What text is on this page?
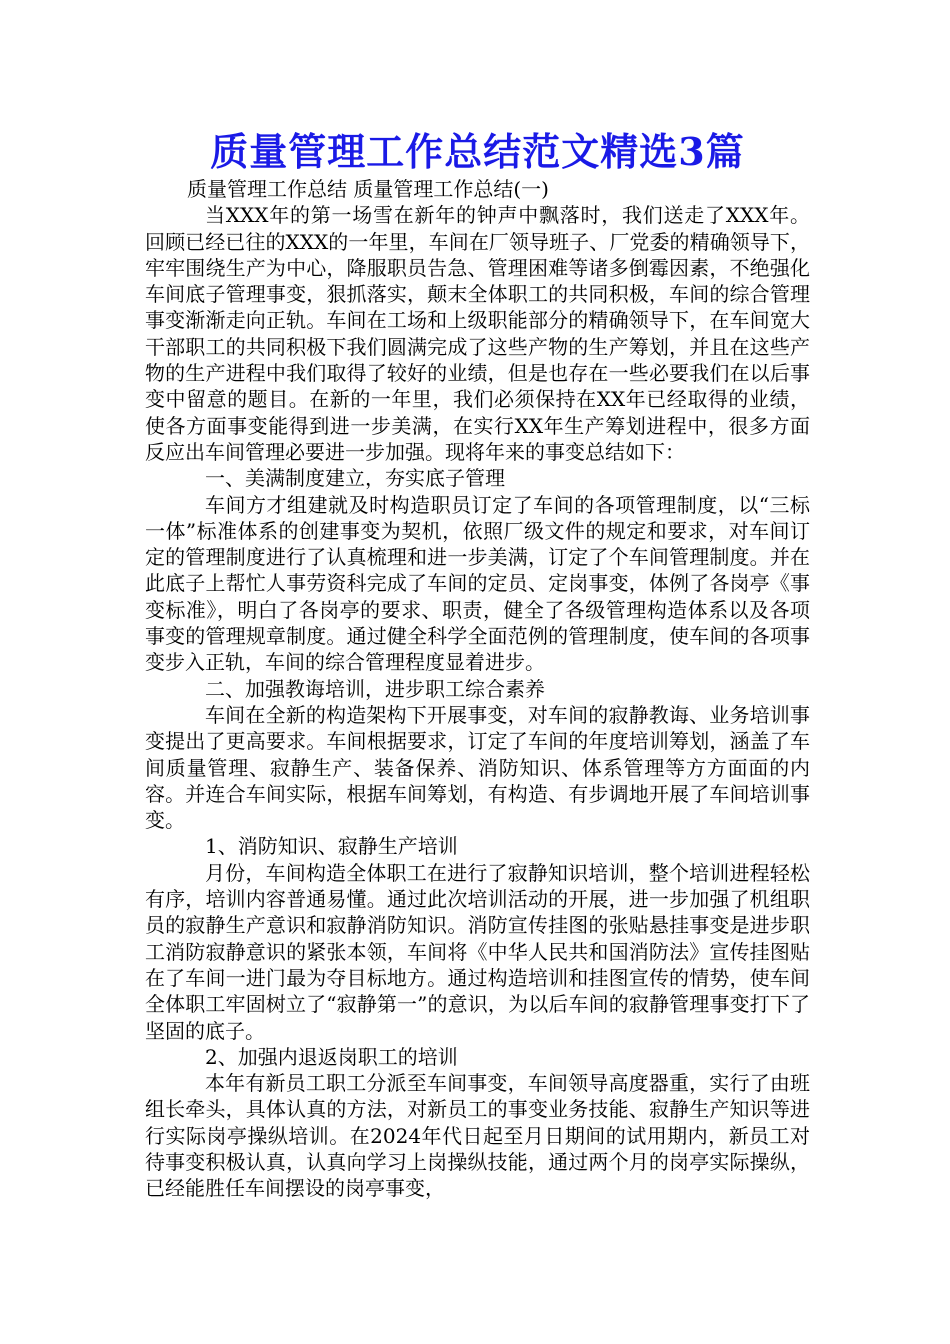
质量管理工作总结范文精选3篇

质量管理工作总结 质量管理工作总结(一)

当XXX年的第一场雪在新年的钟声中飘落时，我们送走了XXX年。回顾已经已往的XXX的一年里，车间在厂领导班子、厂党委的精确领导下，牢牢围绕生产为中心，降服职员告急、管理困难等诸多倒霉因素，不绝强化车间底子管理事变，狠抓落实，颠末全体职工的共同积极，车间的综合管理事变渐渐走向正轨。车间在工场和上级职能部分的精确领导下，在车间宽大干部职工的共同积极下我们圆满完成了这些产物的生产筹划，并且在这些产物的生产进程中我们取得了较好的业绩，但是也存在一些必要我们在以后事变中留意的题目。在新的一年里，我们必须保持在XX年已经取得的业绩，使各方面事变能得到进一步美满，在实行XX年生产筹划进程中，很多方面反应出车间管理必要进一步加强。现将年来的事变总结如下：

一、美满制度建立，夯实底子管理

车间方才组建就及时构造职员订定了车间的各项管理制度，以“三标一体”标准体系的创建事变为契机，依照厂级文件的规定和要求，对车间订定的管理制度进行了认真梳理和进一步美满，订定了个车间管理制度。并在此底子上帮忙人事劳资科完成了车间的定员、定岗事变，体例了各岗亭《事变标准》，明白了各岗亭的要求、职责，健全了各级管理构造体系以及各项事变的管理规章制度。通过健全科学全面范例的管理制度，使车间的各项事变步入正轨，车间的综合管理程度显着进步。

二、加强教诲培训，进步职工综合素养

车间在全新的构造架构下开展事变，对车间的寂静教诲、业务培训事变提出了更高要求。车间根据要求，订定了车间的年度培训筹划，涵盖了车间质量管理、寂静生产、装备保养、消防知识、体系管理等方方面面的内容。并连合车间实际，根据车间筹划，有构造、有步调地开展了车间培训事变。

1、消防知识、寂静生产培训

月份，车间构造全体职工在进行了寂静知识培训，整个培训进程轻松有序，培训内容普通易懂。通过此次培训活动的开展，进一步加强了机组职员的寂静生产意识和寂静消防知识。消防宣传挂图的张贴悬挂事变是进步职工消防寂静意识的紧张本领，车间将《中华人民共和国消防法》宣传挂图贴在了车间一进门最为夺目标地方。通过构造培训和挂图宣传的情势，使车间全体职工牢固树立了“寂静第一”的意识，为以后车间的寂静管理事变打下了坚固的底子。

2、加强内退返岗职工的培训

本年有新员工职工分派至车间事变，车间领导高度器重，实行了由班组长牵头，具体认真的方法，对新员工的事变业务技能、寂静生产知识等进行实际岗亭操纵培训。在2024年代日起至月日期间的试用期内，新员工对待事变积极认真，认真向学习上岗操纵技能，通过两个月的岗亭实际操纵，已经能胜任车间摆设的岗亭事变，
